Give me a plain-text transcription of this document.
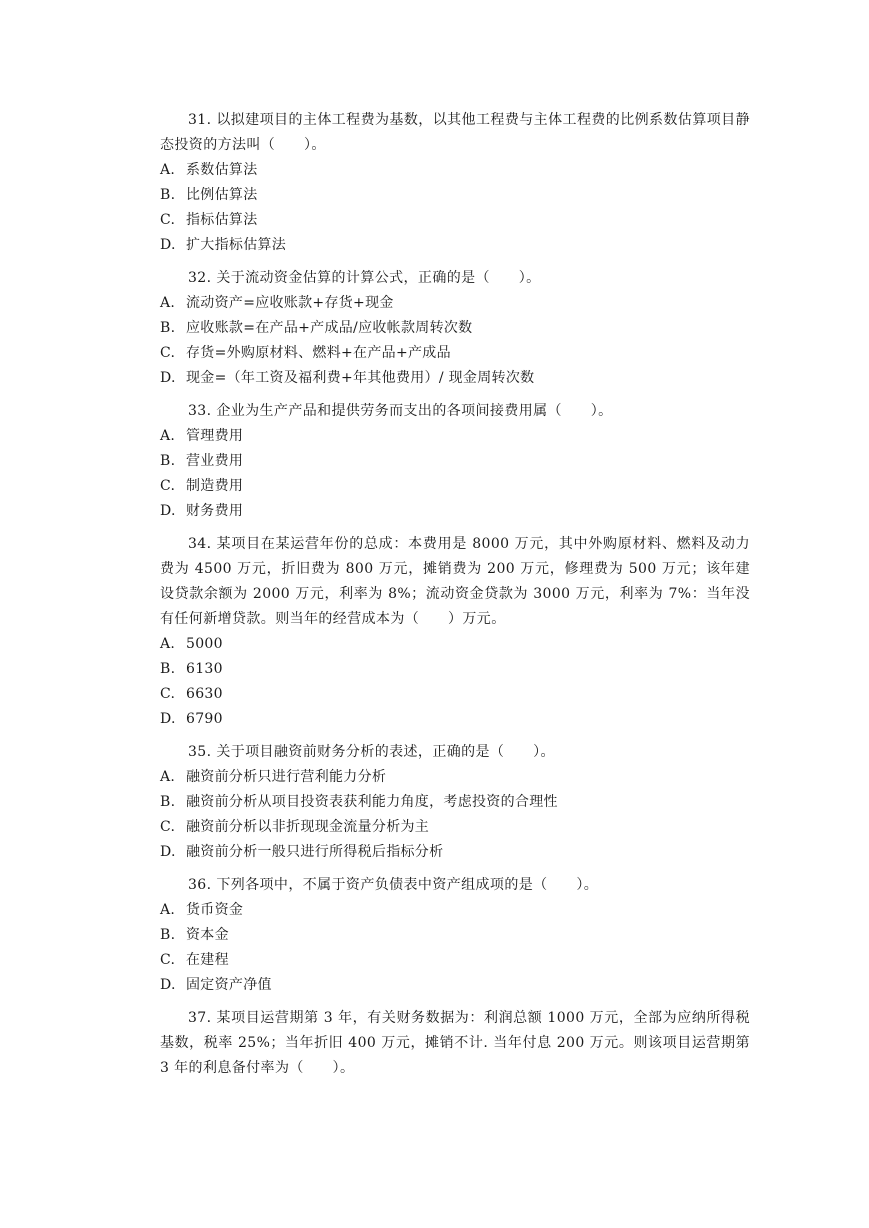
31. 以拟建项目的主体工程费为基数，以其他工程费与主体工程费的比例系数估算项目静态投资的方法叫（　　）。

A. 系数估算法
B. 比例估算法
C. 指标估算法
D. 扩大指标估算法

32. 关于流动资金估算的计算公式，正确的是（　　）。

A. 流动资产=应收账款+存货+现金
B. 应收账款=在产品+产成品/应收帐款周转次数
C. 存货=外购原材料、燃料+在产品+产成品
D. 现金=（年工资及福利费+年其他费用）/ 现金周转次数

33. 企业为生产产品和提供劳务而支出的各项间接费用属（　　）。

A. 管理费用
B. 营业费用
C. 制造费用
D. 财务费用

34. 某项目在某运营年份的总成：本费用是 8000 万元，其中外购原材料、燃料及动力费为 4500 万元，折旧费为 800 万元，摊销费为 200 万元，修理费为 500 万元；该年建设贷款余额为 2000 万元，利率为 8%；流动资金贷款为 3000 万元，利率为 7%：当年没有任何新增贷款。则当年的经营成本为（　　）万元。

A. 5000
B. 6130
C. 6630
D. 6790

35. 关于项目融资前财务分析的表述，正确的是（　　）。

A. 融资前分析只进行营利能力分析
B. 融资前分析从项目投资表获利能力角度，考虑投资的合理性
C. 融资前分析以非折现现金流量分析为主
D. 融资前分析一般只进行所得税后指标分析

36. 下列各项中，不属于资产负债表中资产组成项的是（　　）。

A. 货币资金
B. 资本金
C. 在建程
D. 固定资产净值

37. 某项目运营期第 3 年，有关财务数据为：利润总额 1000 万元，全部为应纳所得税基数，税率 25%；当年折旧 400 万元，摊销不计. 当年付息 200 万元。则该项目运营期第 3 年的利息备付率为（　　）。
